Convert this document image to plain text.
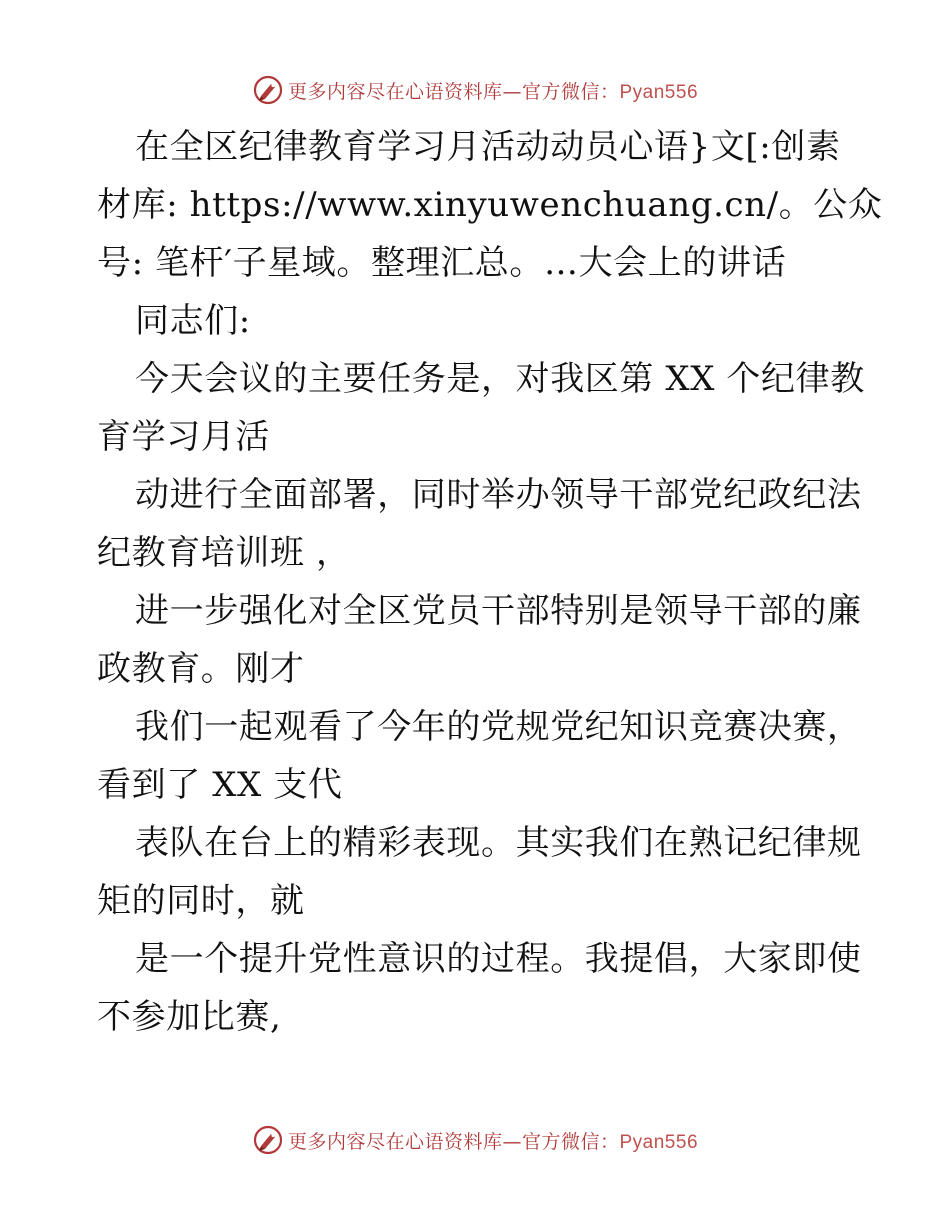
更多内容尽在心语资料库—官方微信：Pyan556
在全区纪律教育学习月活动动员心语}文[:创素
材库: https://www.xinyuwenchuang.cn/。公众
号: 笔杆′子星域。整理汇总。…大会上的讲话
同志们:
今天会议的主要任务是，对我区第 XX 个纪律教
育学习月活
动进行全面部署，同时举办领导干部党纪政纪法
纪教育培训班 ，
进一步强化对全区党员干部特别是领导干部的廉
政教育。刚才
我们一起观看了今年的党规党纪知识竞赛决赛，
看到了 XX 支代
表队在台上的精彩表现。其实我们在熟记纪律规
矩的同时，就
是一个提升党性意识的过程。我提倡，大家即使
不参加比赛,
更多内容尽在心语资料库—官方微信：Pyan556
